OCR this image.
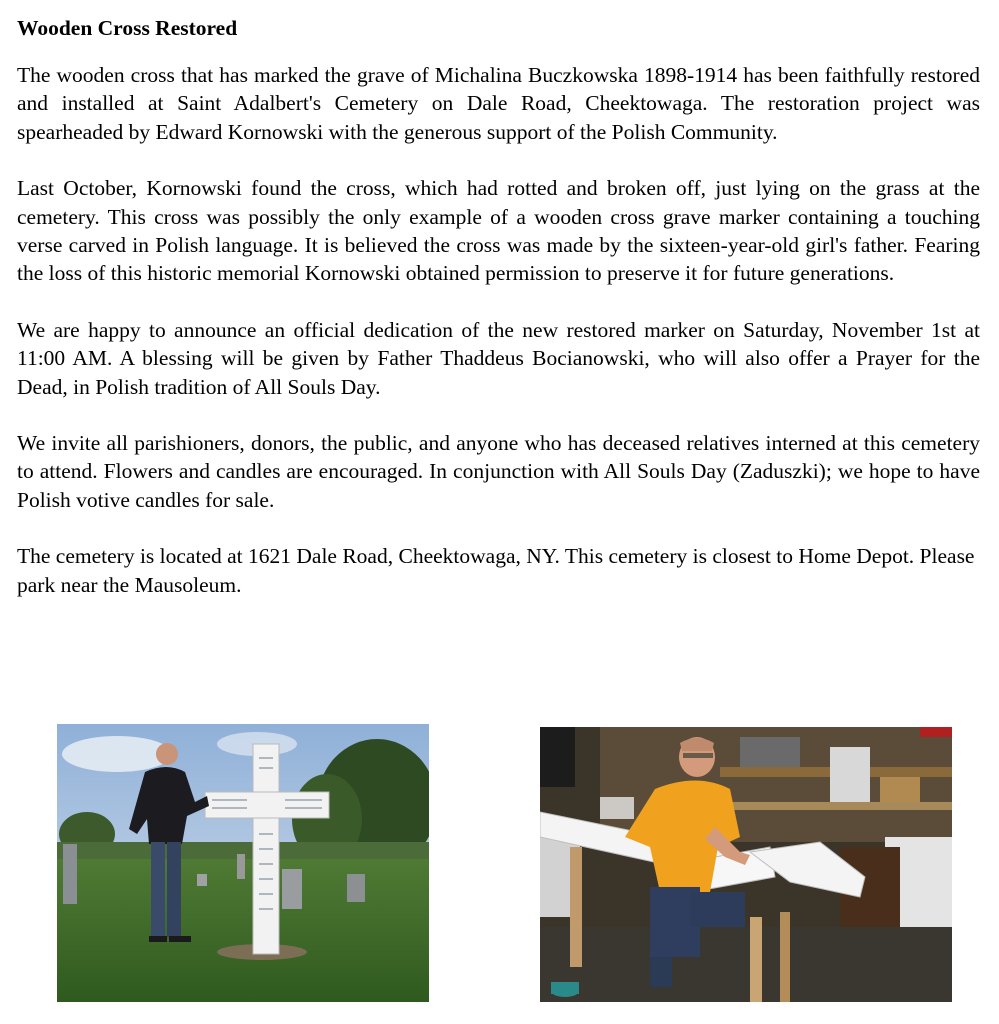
Wooden Cross Restored

The wooden cross that has marked the grave of Michalina Buczkowska 1898-1914 has been faithfully restored and installed at Saint Adalbert's Cemetery on Dale Road, Cheektowaga. The restoration project was spearheaded by Edward Kornowski with the generous support of the Polish Community.

Last October, Kornowski found the cross, which had rotted and broken off, just lying on the grass at the cemetery. This cross was possibly the only example of a wooden cross grave marker containing a touching verse carved in Polish language. It is believed the cross was made by the sixteen-year-old girl's father. Fearing the loss of this historic memorial Kornowski obtained permission to preserve it for future generations.

We are happy to announce an official dedication of the new restored marker on Saturday, November 1st at 11:00 AM. A blessing will be given by Father Thaddeus Bocianowski, who will also offer a Prayer for the Dead, in Polish tradition of All Souls Day.

We invite all parishioners, donors, the public, and anyone who has deceased relatives interned at this cemetery to attend. Flowers and candles are encouraged. In conjunction with All Souls Day (Zaduszki); we hope to have Polish votive candles for sale.

The cemetery is located at 1621 Dale Road, Cheektowaga, NY. This cemetery is closest to Home Depot. Please park near the Mausoleum.
